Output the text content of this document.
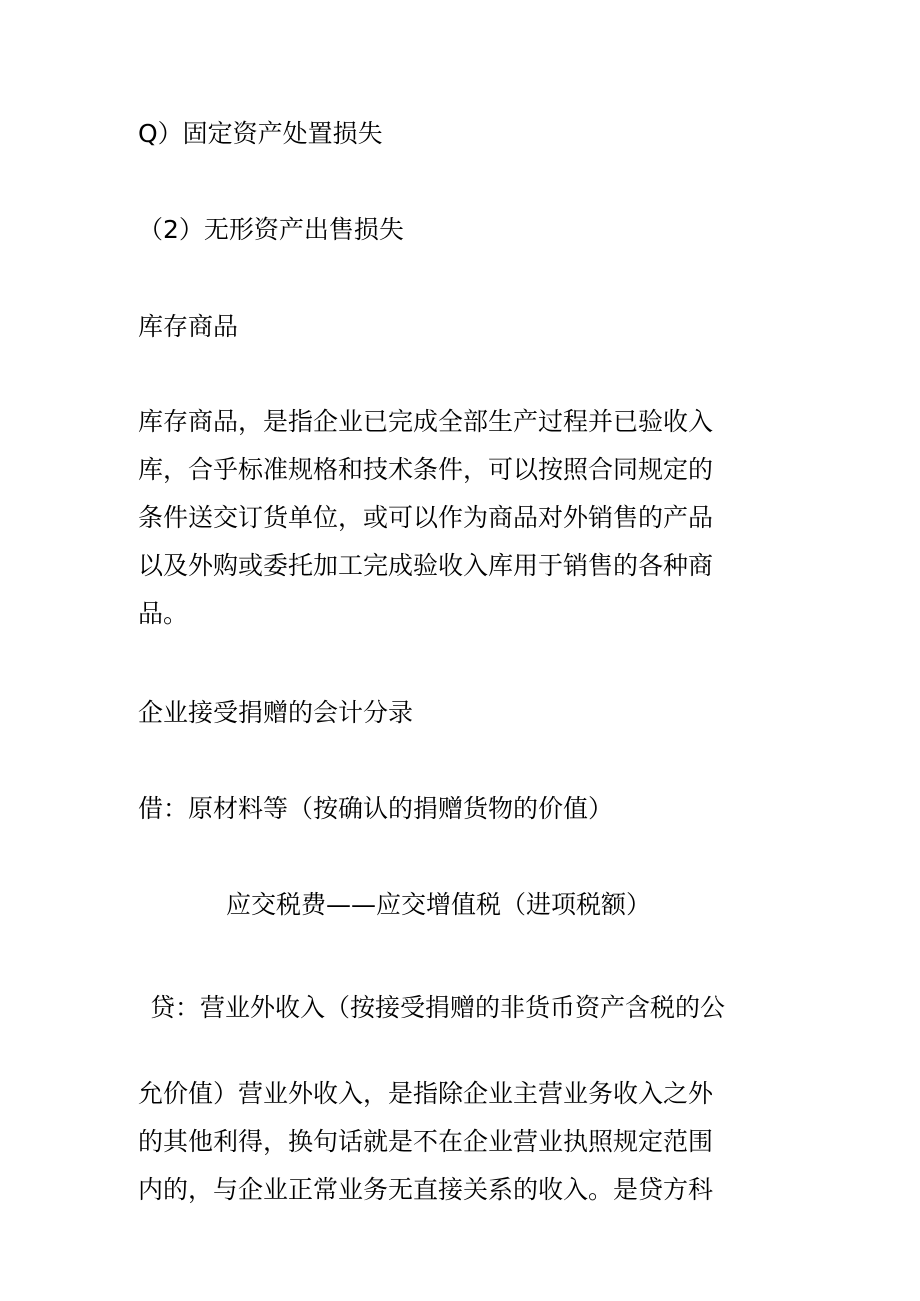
Q）固定资产处置损失

（2）无形资产出售损失

库存商品

库存商品，是指企业已完成全部生产过程并已验收入
库，合乎标准规格和技术条件，可以按照合同规定的
条件送交订货单位，或可以作为商品对外销售的产品
以及外购或委托加工完成验收入库用于销售的各种商
品。

企业接受捐赠的会计分录

借：原材料等（按确认的捐赠货物的价值）

应交税费——应交增值税（进项税额）

贷：营业外收入（按接受捐赠的非货币资产含税的公

允价值）营业外收入，是指除企业主营业务收入之外
的其他利得，换句话就是不在企业营业执照规定范围
内的，与企业正常业务无直接关系的收入。是贷方科
